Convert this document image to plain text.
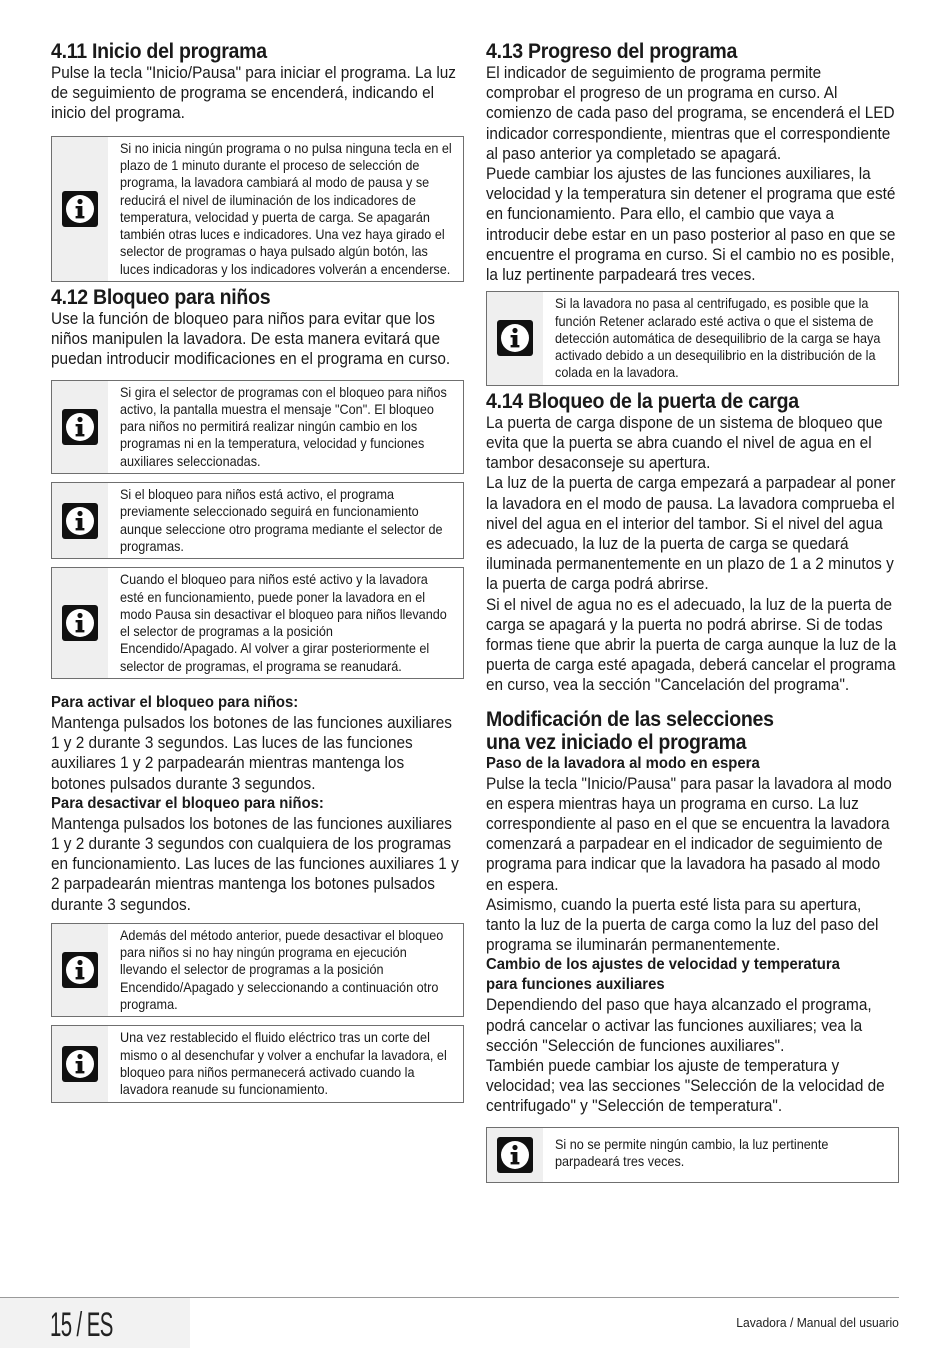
4.11 Inicio del programa

Pulse la tecla "Inicio/Pausa" para iniciar el programa. La luz de seguimiento de programa se encenderá, indicando el inicio del programa.

Si no inicia ningún programa o no pulsa ninguna tecla en el plazo de 1 minuto durante el proceso de selección de programa, la lavadora cambiará al modo de pausa y se reducirá el nivel de iluminación de los indicadores de temperatura, velocidad y puerta de carga. Se apagarán también otras luces e indicadores. Una vez haya girado el selector de programas o haya pulsado algún botón, las luces indicadoras y los indicadores volverán a encenderse.
4.12 Bloqueo para niños

Use la función de bloqueo para niños para evitar que los niños manipulen la lavadora. De esta manera evitará que puedan introducir modificaciones en el programa en curso.

Si gira el selector de programas con el bloqueo para niños activo, la pantalla muestra el mensaje "Con". El bloqueo para niños no permitirá realizar ningún cambio en los programas ni en la temperatura, velocidad y funciones auxiliares seleccionadas.
Si el bloqueo para niños está activo, el programa previamente seleccionado seguirá en funcionamiento aunque seleccione otro programa mediante el selector de programas.
Cuando el bloqueo para niños esté activo y la lavadora esté en funcionamiento, puede poner la lavadora en el modo Pausa sin desactivar el bloqueo para niños llevando el selector de programas a la posición Encendido/Apagado. Al volver a girar posteriormente el selector de programas, el programa se reanudará.
Para activar el bloqueo para niños:

Mantenga pulsados los botones de las funciones auxiliares 1 y 2 durante 3 segundos. Las luces de las funciones auxiliares 1 y 2 parpadearán mientras mantenga los botones pulsados durante 3 segundos.

Para desactivar el bloqueo para niños:

Mantenga pulsados los botones de las funciones auxiliares 1 y 2 durante 3 segundos con cualquiera de los programas en funcionamiento. Las luces de las funciones auxiliares 1 y 2 parpadearán mientras mantenga los botones pulsados durante 3 segundos.

Además del método anterior, puede desactivar el bloqueo para niños si no hay ningún programa en ejecución llevando el selector de programas a la posición Encendido/Apagado y seleccionando a continuación otro programa.
Una vez restablecido el fluido eléctrico tras un corte del mismo o al desenchufar y volver a enchufar la lavadora, el bloqueo para niños permanecerá activado cuando la lavadora reanude su funcionamiento.
4.13 Progreso del programa

El indicador de seguimiento de programa permite comprobar el progreso de un programa en curso. Al comienzo de cada paso del programa, se encenderá el LED indicador correspondiente, mientras que el correspondiente al paso anterior ya completado se apagará.

Puede cambiar los ajustes de las funciones auxiliares, la velocidad y la temperatura sin detener el programa que esté en funcionamiento. Para ello, el cambio que vaya a introducir debe estar en un paso posterior al paso en que se encuentre el programa en curso. Si el cambio no es posible, la luz pertinente parpadeará tres veces.

Si la lavadora no pasa al centrifugado, es posible que la función Retener aclarado esté activa o que el sistema de detección automática de desequilibrio de la carga se haya activado debido a un desequilibrio en la distribución de la colada en la lavadora.
4.14 Bloqueo de la puerta de carga

La puerta de carga dispone de un sistema de bloqueo que evita que la puerta se abra cuando el nivel de agua en el tambor desaconseje su apertura.

La luz de la puerta de carga empezará a parpadear al poner la lavadora en el modo de pausa. La lavadora comprueba el nivel del agua en el interior del tambor. Si el nivel del agua es adecuado, la luz de la puerta de carga se quedará iluminada permanentemente en un plazo de 1 a 2 minutos y la puerta de carga podrá abrirse.

Si el nivel de agua no es el adecuado, la luz de la puerta de carga se apagará y la puerta no podrá abrirse. Si de todas formas tiene que abrir la puerta de carga aunque la luz de la puerta de carga esté apagada, deberá cancelar el programa en curso, vea la sección "Cancelación del programa".

Modificación de las selecciones
una vez iniciado el programa
Paso de la lavadora al modo en espera

Pulse la tecla "Inicio/Pausa" para pasar la lavadora al modo en espera mientras haya un programa en curso. La luz correspondiente al paso en el que se encuentra la lavadora comenzará a parpadear en el indicador de seguimiento de programa para indicar que la lavadora ha pasado al modo en espera.

Asimismo, cuando la puerta esté lista para su apertura, tanto la luz de la puerta de carga como la luz del paso del programa se iluminarán permanentemente.

Cambio de los ajustes de velocidad y temperatura
para funciones auxiliares

Dependiendo del paso que haya alcanzado el programa, podrá cancelar o activar las funciones auxiliares; vea la sección "Selección de funciones auxiliares".

También puede cambiar los ajuste de temperatura y velocidad; vea las secciones "Selección de la velocidad de centrifugado" y "Selección de temperatura".

Si no se permite ningún cambio, la luz pertinente parpadeará tres veces.
15 / ES	Lavadora / Manual del usuario
